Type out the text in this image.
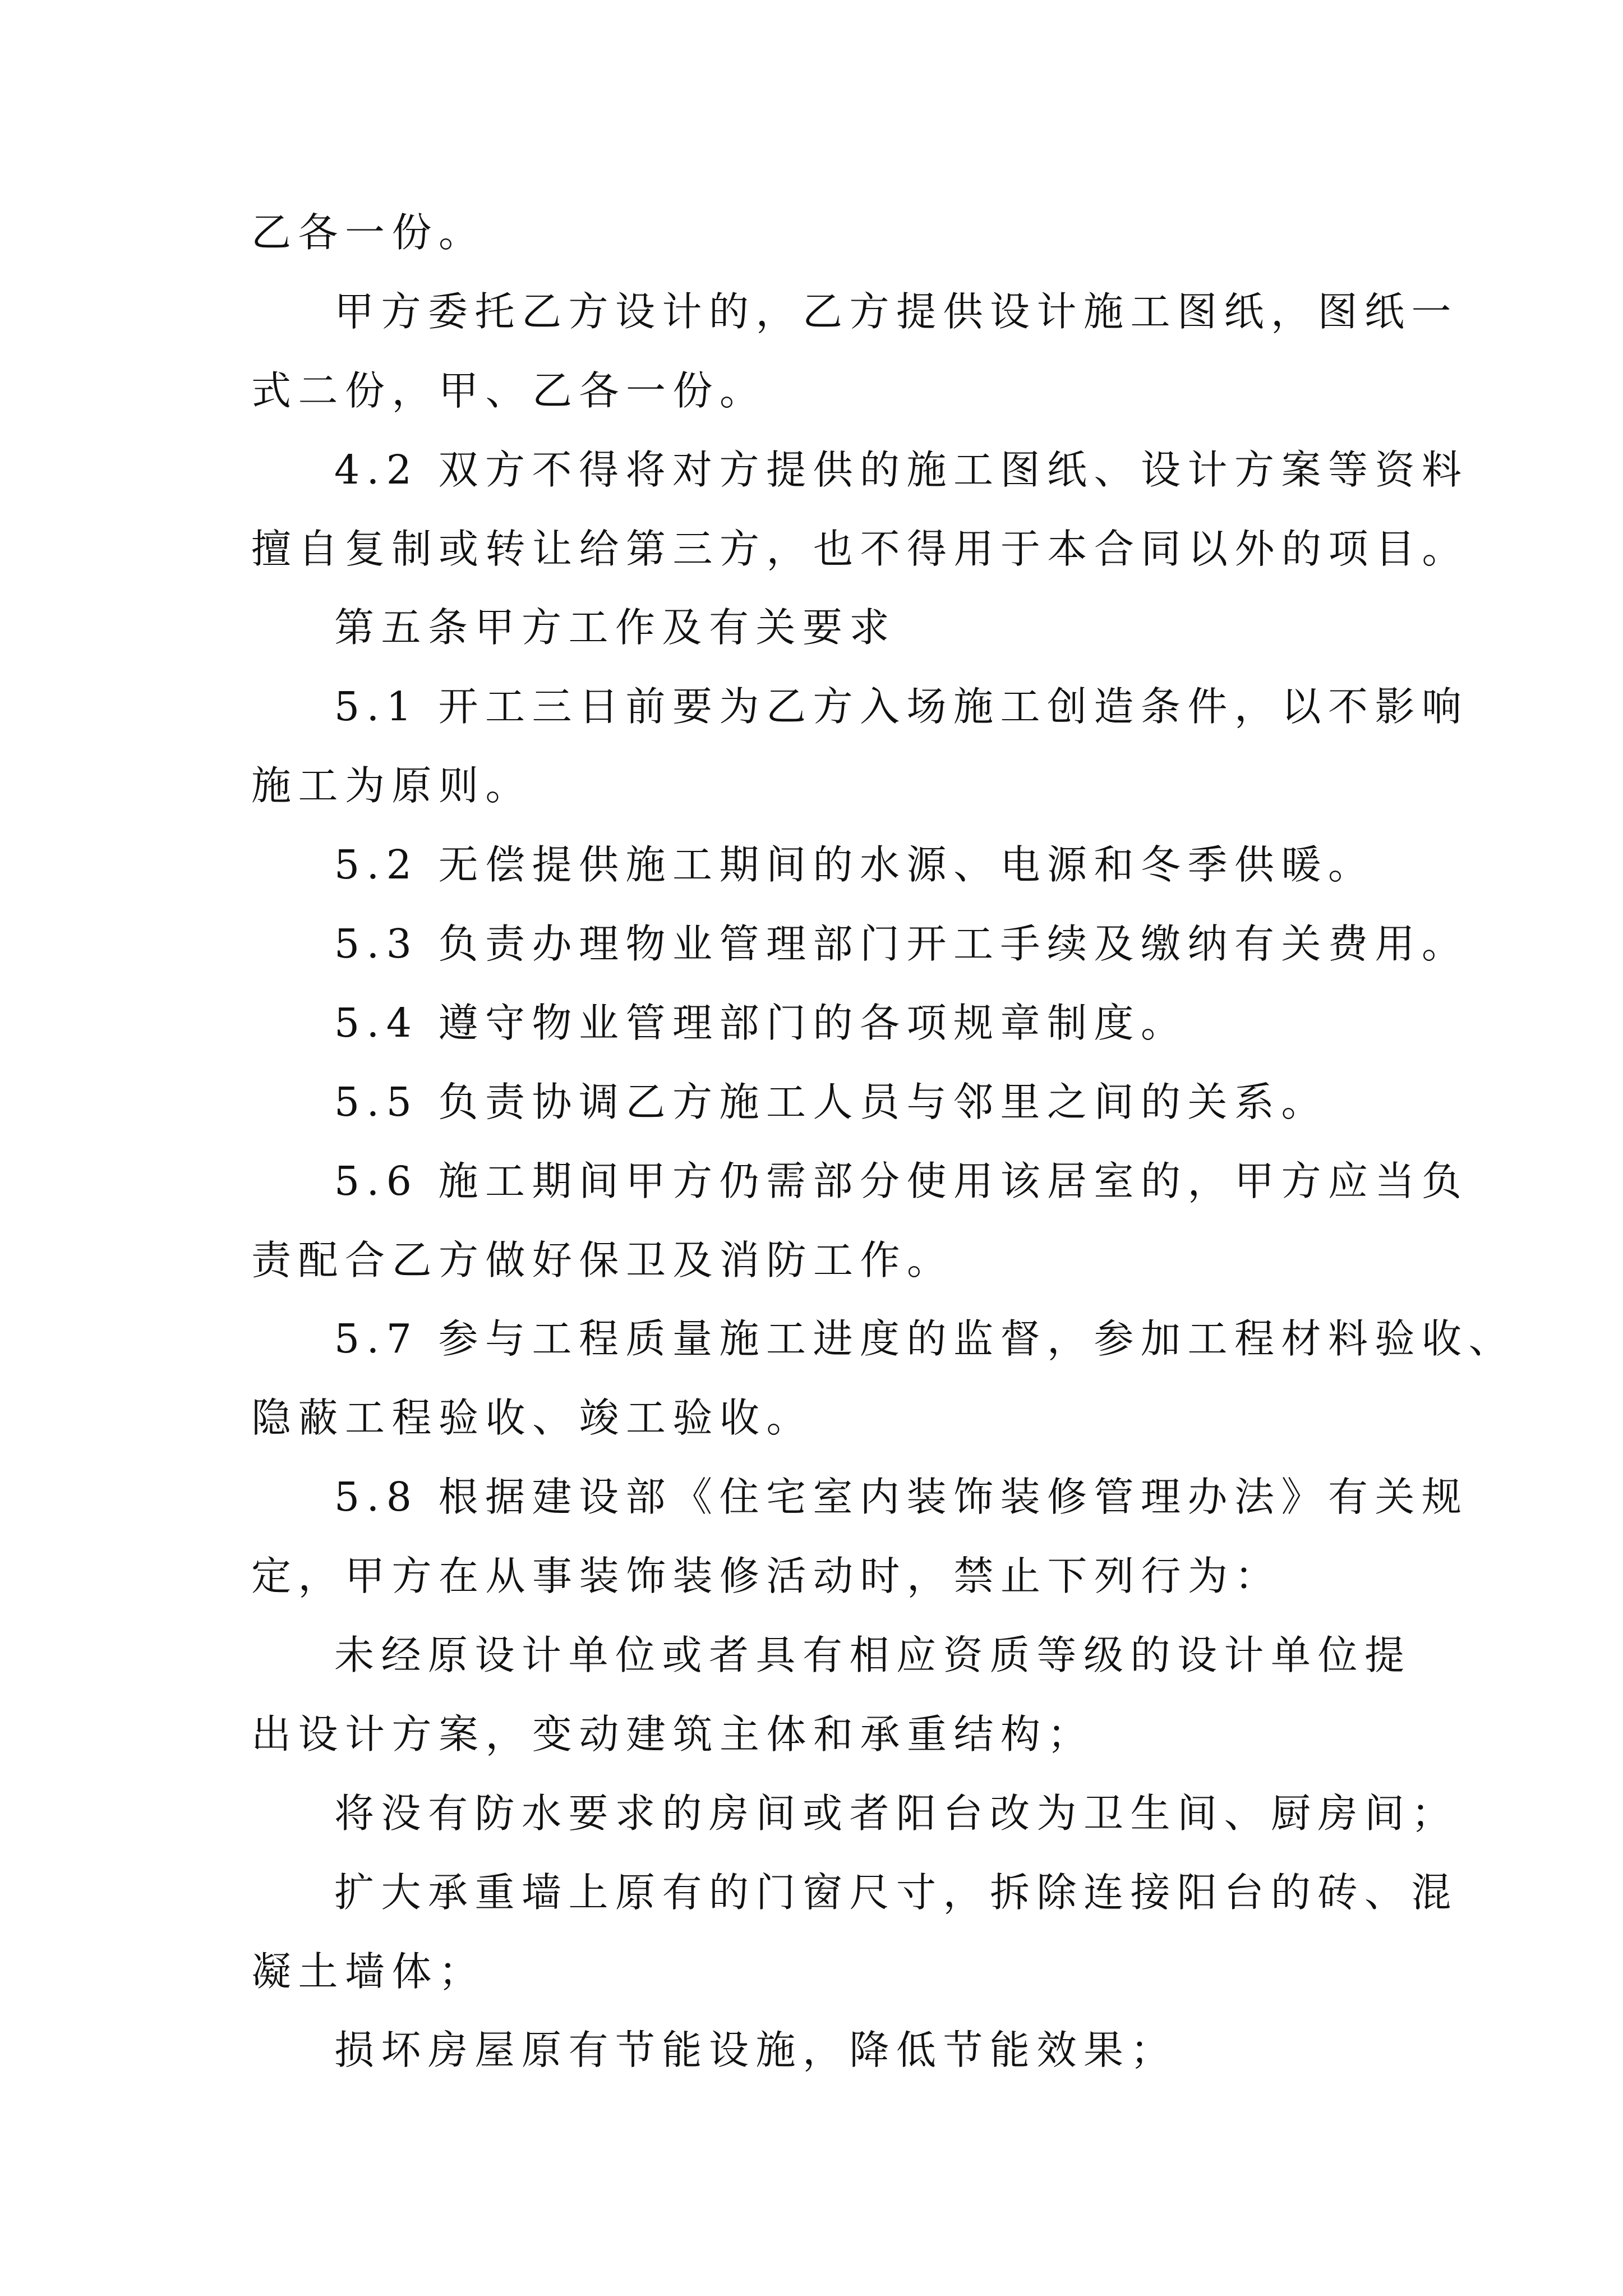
乙各一份。

甲方委托乙方设计的，乙方提供设计施工图纸，图纸一

式二份，甲、乙各一份。

4.2 双方不得将对方提供的施工图纸、设计方案等资料

擅自复制或转让给第三方，也不得用于本合同以外的项目。

第五条甲方工作及有关要求

5.1 开工三日前要为乙方入场施工创造条件，以不影响

施工为原则。

5.2 无偿提供施工期间的水源、电源和冬季供暖。

5.3 负责办理物业管理部门开工手续及缴纳有关费用。

5.4 遵守物业管理部门的各项规章制度。

5.5 负责协调乙方施工人员与邻里之间的关系。

5.6 施工期间甲方仍需部分使用该居室的，甲方应当负

责配合乙方做好保卫及消防工作。

5.7 参与工程质量施工进度的监督，参加工程材料验收、

隐蔽工程验收、竣工验收。

5.8 根据建设部《住宅室内装饰装修管理办法》有关规

定，甲方在从事装饰装修活动时，禁止下列行为：

未经原设计单位或者具有相应资质等级的设计单位提

出设计方案，变动建筑主体和承重结构；

将没有防水要求的房间或者阳台改为卫生间、厨房间；

扩大承重墙上原有的门窗尺寸，拆除连接阳台的砖、混

凝土墙体；

损坏房屋原有节能设施，降低节能效果；
